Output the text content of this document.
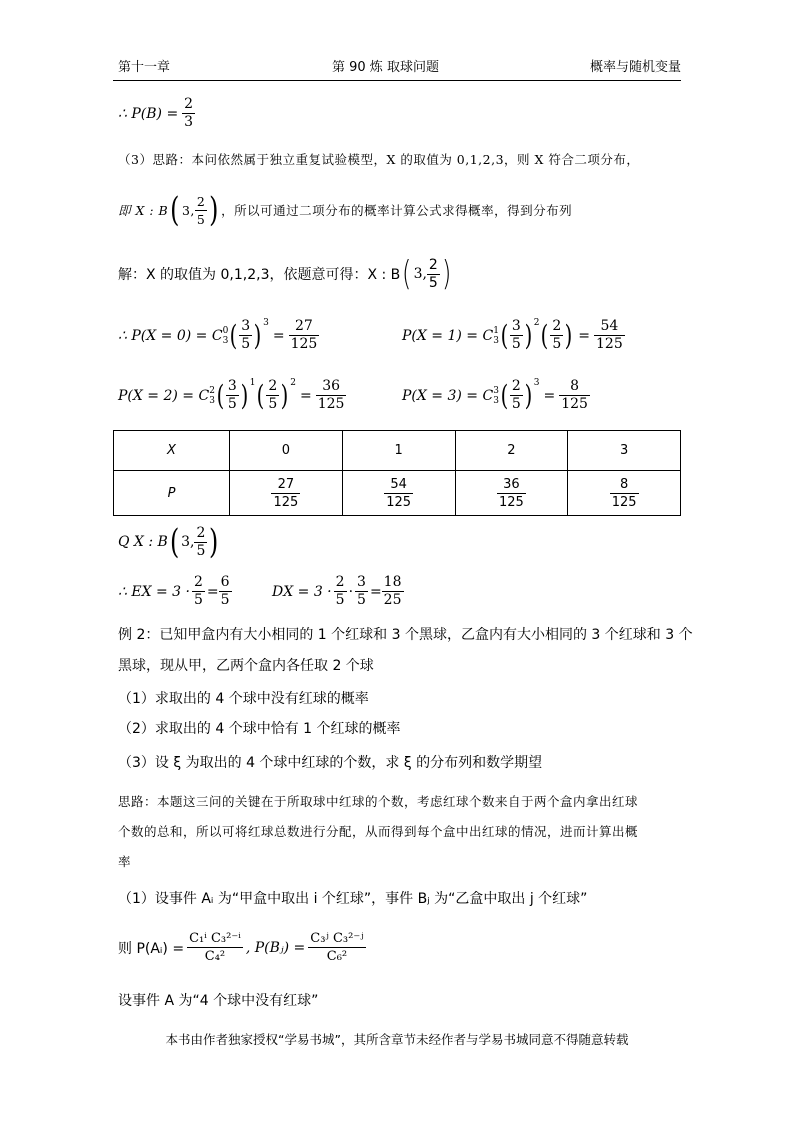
第十一章	第 90 炼 取球问题	概率与随机变量
∴ $P(B) = \frac{2}{3}$
（3）思路：本问依然属于独立重复试验模型，X 的取值为 0,1,2,3，则 X 符合二项分布，
即 X : B ( 3, $\frac{2}{5}$ ) ，所以可通过二项分布的概率计算公式求得概率，得到分布列
解：X 的取值为 0,1,2,3，依题意可得：X : B ( 3, $\frac{2}{5}$ )
∴ P(X = 0) = C 0
3 ( $\frac{3}{5} )^3$
= $\frac{27}{125}$	P(X = 1) = C 1
3 ( $\frac{3}{5} )^2$ ( $\frac{2}{5}$ ) = $\frac{54}{125}$
P(X = 2) = C 2
3 ( $\frac{3}{5} )^1$ ( $\frac{2}{5} )^2$
= $\frac{36}{125}$	P(X = 3) = C 3
3 ( $\frac{2}{5} )^3$
= $\frac{8}{125}$
X	0	1	2	3
P	$\frac{27}{125}$	$\frac{54}{125}$	$\frac{36}{125}$	$\frac{8}{125}$
Q X : B ( 3, $\frac{2}{5}$ )
∴ EX = $3 \cdot \frac{2}{5} = \frac{6}{5}$	DX = $3 \cdot \frac{2}{5} \cdot \frac{3}{5} = \frac{18}{25}$
例 2：已知甲盒内有大小相同的 1 个红球和 3 个黑球，乙盒内有大小相同的 3 个红球和 3 个
黑球，现从甲，乙两个盒内各任取 2 个球
（1）求取出的 4 个球中没有红球的概率
（2）求取出的 4 个球中恰有 1 个红球的概率
（3）设 ξ 为取出的 4 个球中红球的个数，求 ξ 的分布列和数学期望
思路：本题这三问的关键在于所取球中红球的个数，考虑红球个数来自于两个盒内拿出红球
个数的总和，所以可将红球总数进行分配，从而得到每个盒中出红球的情况，进而计算出概
率
（1）设事件 Aᵢ 为“甲盒中取出 i 个红球”，事件 Bⱼ 为“乙盒中取出 j 个红球”
则 P(Aᵢ) = $\frac{\text{C₁ⁱ C₃²⁻ⁱ}}{\text{C₄²}}$ , P(Bⱼ) = $\frac{\text{C₃ʲ C₃²⁻ʲ}}{\text{C₆²}}$
设事件 A 为“4 个球中没有红球”
本书由作者独家授权“学易书城”，其所含章节未经作者与学易书城同意不得随意转载
